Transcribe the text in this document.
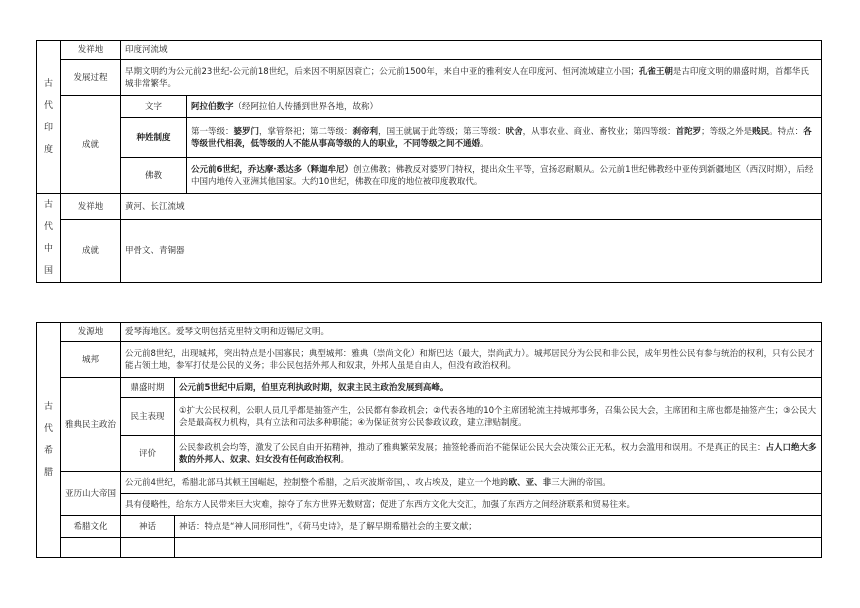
古
代
印
度	发祥地	印度河流域	
	发展过程	早期文明约为公元前23世纪-公元前18世纪，后来因不明原因衰亡；公元前1500年，来自中亚的雅利安人在印度河、恒河流域建立小国；孔雀王朝是古印度文明的鼎盛时期，首都华氏城非常繁华。	
	成就	文字	阿拉伯数字（经阿拉伯人传播到世界各地，故称）
		种姓制度	第一等级：婆罗门，掌管祭祀；第二等级：刹帝利，国王就属于此等级；第三等级：吠舍，从事农业、商业、畜牧业；第四等级：首陀罗；等级之外是贱民。特点：各等级世代相袭，低等级的人不能从事高等级的人的职业，不同等级之间不通婚。
		佛教	公元前6世纪，乔达摩·悉达多（释迦牟尼）创立佛教；佛教反对婆罗门特权，提出众生平等，宣扬忍耐顺从。公元前1世纪佛教经中亚传到新疆地区（西汉时期），后经中国内地传入亚洲其他国家。大约10世纪，佛教在印度的地位被印度教取代。

古
代
中
国	发祥地	黄河、长江流域	
	成就	甲骨文、青铜器	
古
代
希
腊	发源地	爱琴海地区。爱琴文明包括克里特文明和迈锡尼文明。	
	城邦	公元前8世纪，出现城邦，突出特点是小国寡民；典型城邦：雅典（崇尚文化）和斯巴达（最大，崇尚武力）。城邦居民分为公民和非公民，成年男性公民有参与统治的权利，只有公民才能占领土地，参军打仗是公民的义务；非公民包括外邦人和奴隶，外邦人虽是自由人，但没有政治权利。	
	雅典民主政治	鼎盛时期	公元前5世纪中后期，伯里克利执政时期，奴隶主民主政治发展到高峰。
		民主表现	①扩大公民权利，公职人员几乎都是抽签产生，公民都有参政机会；②代表各地的10个主席团轮流主持城邦事务，召集公民大会，主席团和主席也都是抽签产生；③公民大会是最高权力机构，具有立法和司法多种职能；④为保证贫穷公民参政议政，建立津贴制度。
		评价	公民参政机会均等，激发了公民自由开拓精神，推动了雅典繁荣发展；抽签轮番而治不能保证公民大会决策公正无私，权力会滥用和误用。不是真正的民主：占人口绝大多数的外邦人、奴隶、妇女没有任何政治权利。
	亚历山大帝国	公元前4世纪，希腊北部马其顿王国崛起，控制整个希腊，之后灭波斯帝国，、攻占埃及，建立一个地跨欧、亚、非三大洲的帝国。	
		具有侵略性，给东方人民带来巨大灾难，掠夺了东方世界无数财富；促进了东西方文化大交汇，加强了东西方之间经济联系和贸易往来。	
	希腊文化	神话	神话：特点是“神人同形同性”，《荷马史诗》，是了解早期希腊社会的主要文献；
